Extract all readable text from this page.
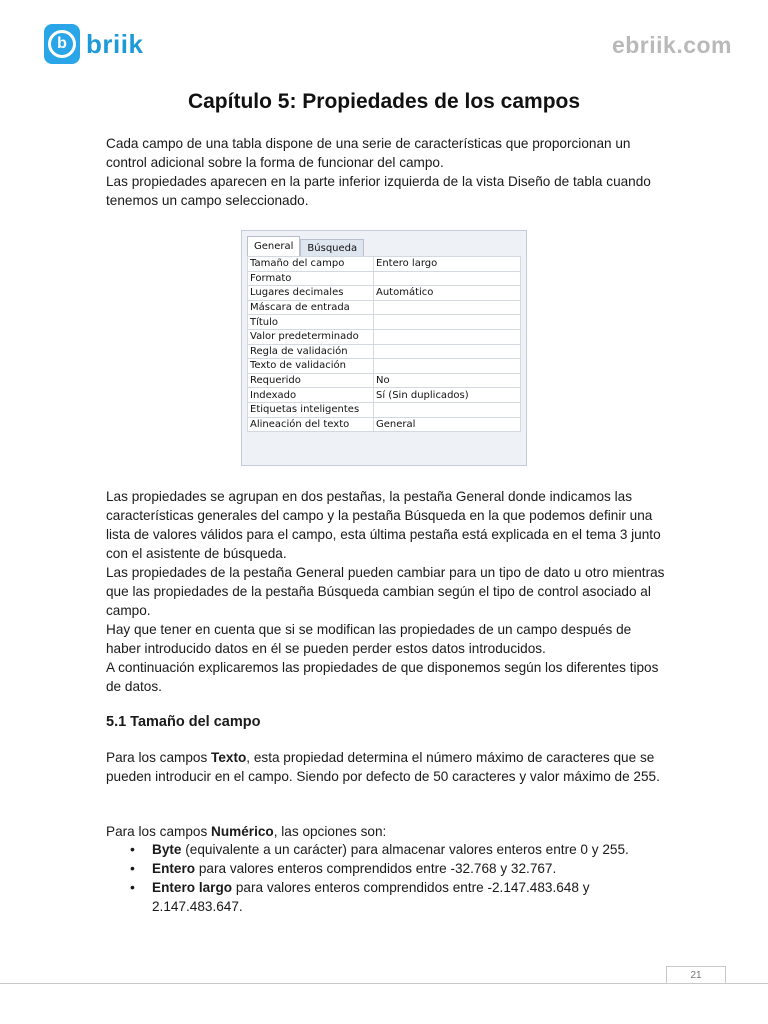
b briik	ebriik.com
Capítulo 5: Propiedades de los campos

Cada campo de una tabla dispone de una serie de características que proporcionan un control adicional sobre la forma de funcionar del campo.

Las propiedades aparecen en la parte inferior izquierda de la vista Diseño de tabla cuando tenemos un campo seleccionado.

General	Búsqueda
Tamaño del campo	Entero largo
Formato	
Lugares decimales	Automático
Máscara de entrada	
Título	
Valor predeterminado	
Regla de validación	
Texto de validación	
Requerido	No
Indexado	Sí (Sin duplicados)
Etiquetas inteligentes	
Alineación del texto	General

Las propiedades se agrupan en dos pestañas, la pestaña General donde indicamos las características generales del campo y la pestaña Búsqueda en la que podemos definir una lista de valores válidos para el campo, esta última pestaña está explicada en el tema 3 junto con el asistente de búsqueda.

Las propiedades de la pestaña General pueden cambiar para un tipo de dato u otro mientras que las propiedades de la pestaña Búsqueda cambian según el tipo de control asociado al campo.

Hay que tener en cuenta que si se modifican las propiedades de un campo después de haber introducido datos en él se pueden perder estos datos introducidos.

A continuación explicaremos las propiedades de que disponemos según los diferentes tipos de datos.

5.1 Tamaño del campo

Para los campos Texto, esta propiedad determina el número máximo de caracteres que se pueden introducir en el campo. Siendo por defecto de 50 caracteres y valor máximo de 255.

Para los campos Numérico, las opciones son:

• Byte (equivalente a un carácter) para almacenar valores enteros entre 0 y 255.
• Entero para valores enteros comprendidos entre -32.768 y 32.767.
• Entero largo para valores enteros comprendidos entre -2.147.483.648 y 2.147.483.647.
21
